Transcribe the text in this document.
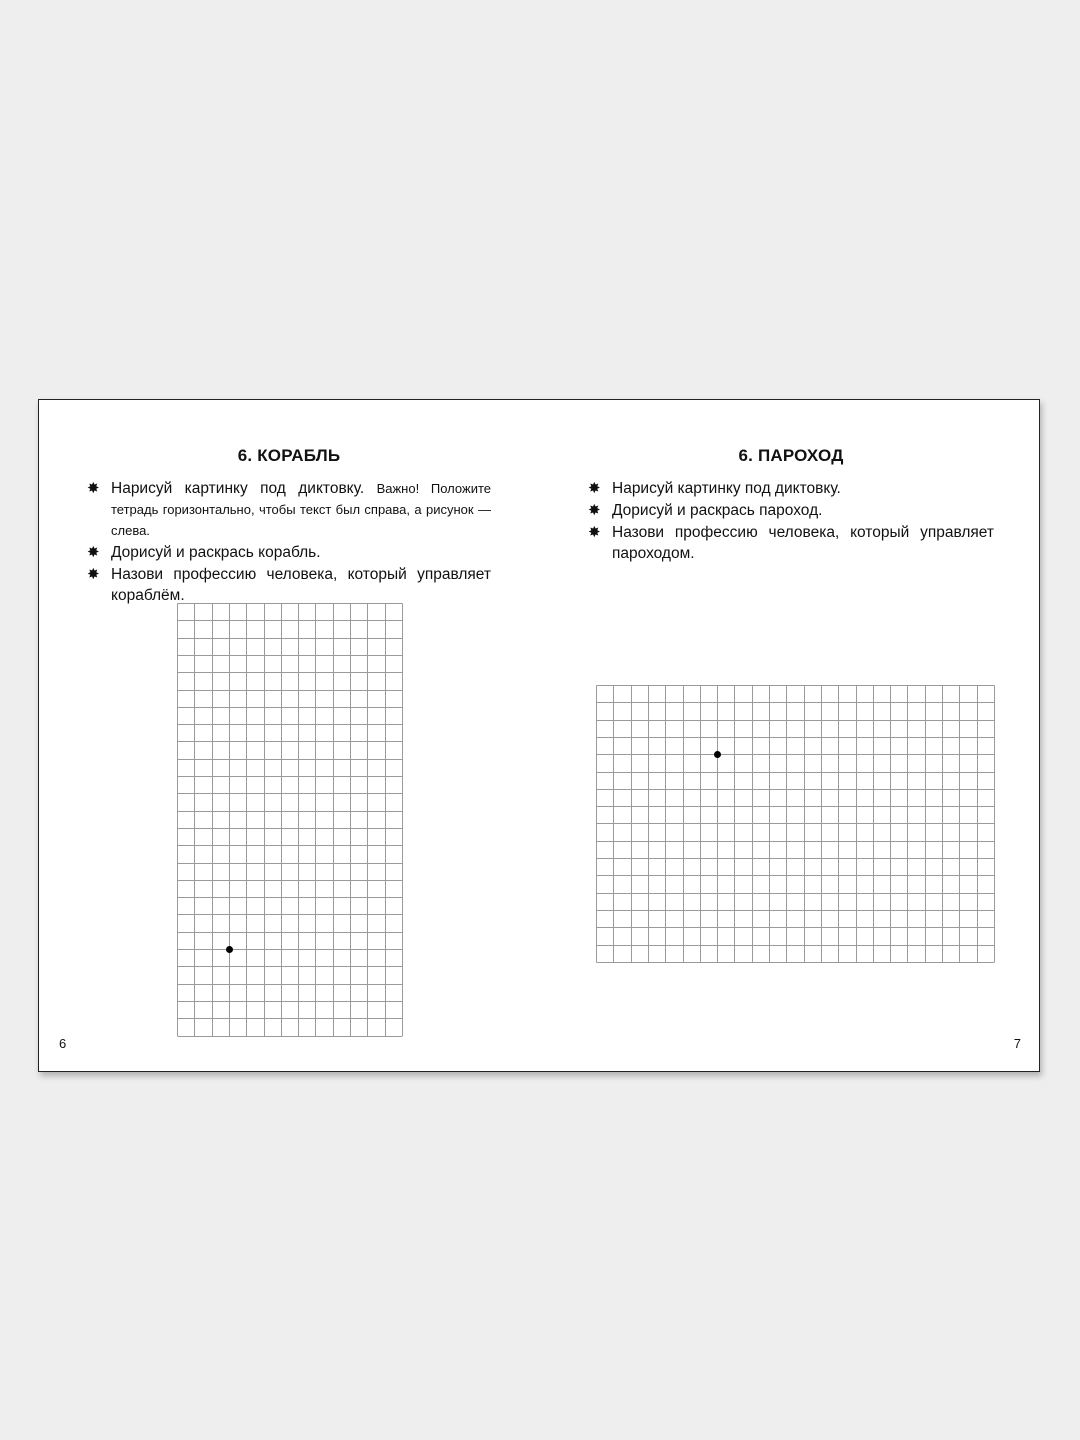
6. КОРАБЛЬ
✸ Нарисуй картинку под диктовку. Важно! Положите тетрадь горизонтально, чтобы текст был справа, а рисунок — слева.
✸ Дорисуй и раскрась корабль.
✸ Назови профессию человека, который управляет кораблём.
6
6. ПАРОХОД
✸ Нарисуй картинку под диктовку.
✸ Дорисуй и раскрась пароход.
✸ Назови профессию человека, который управляет пароходом.
7
